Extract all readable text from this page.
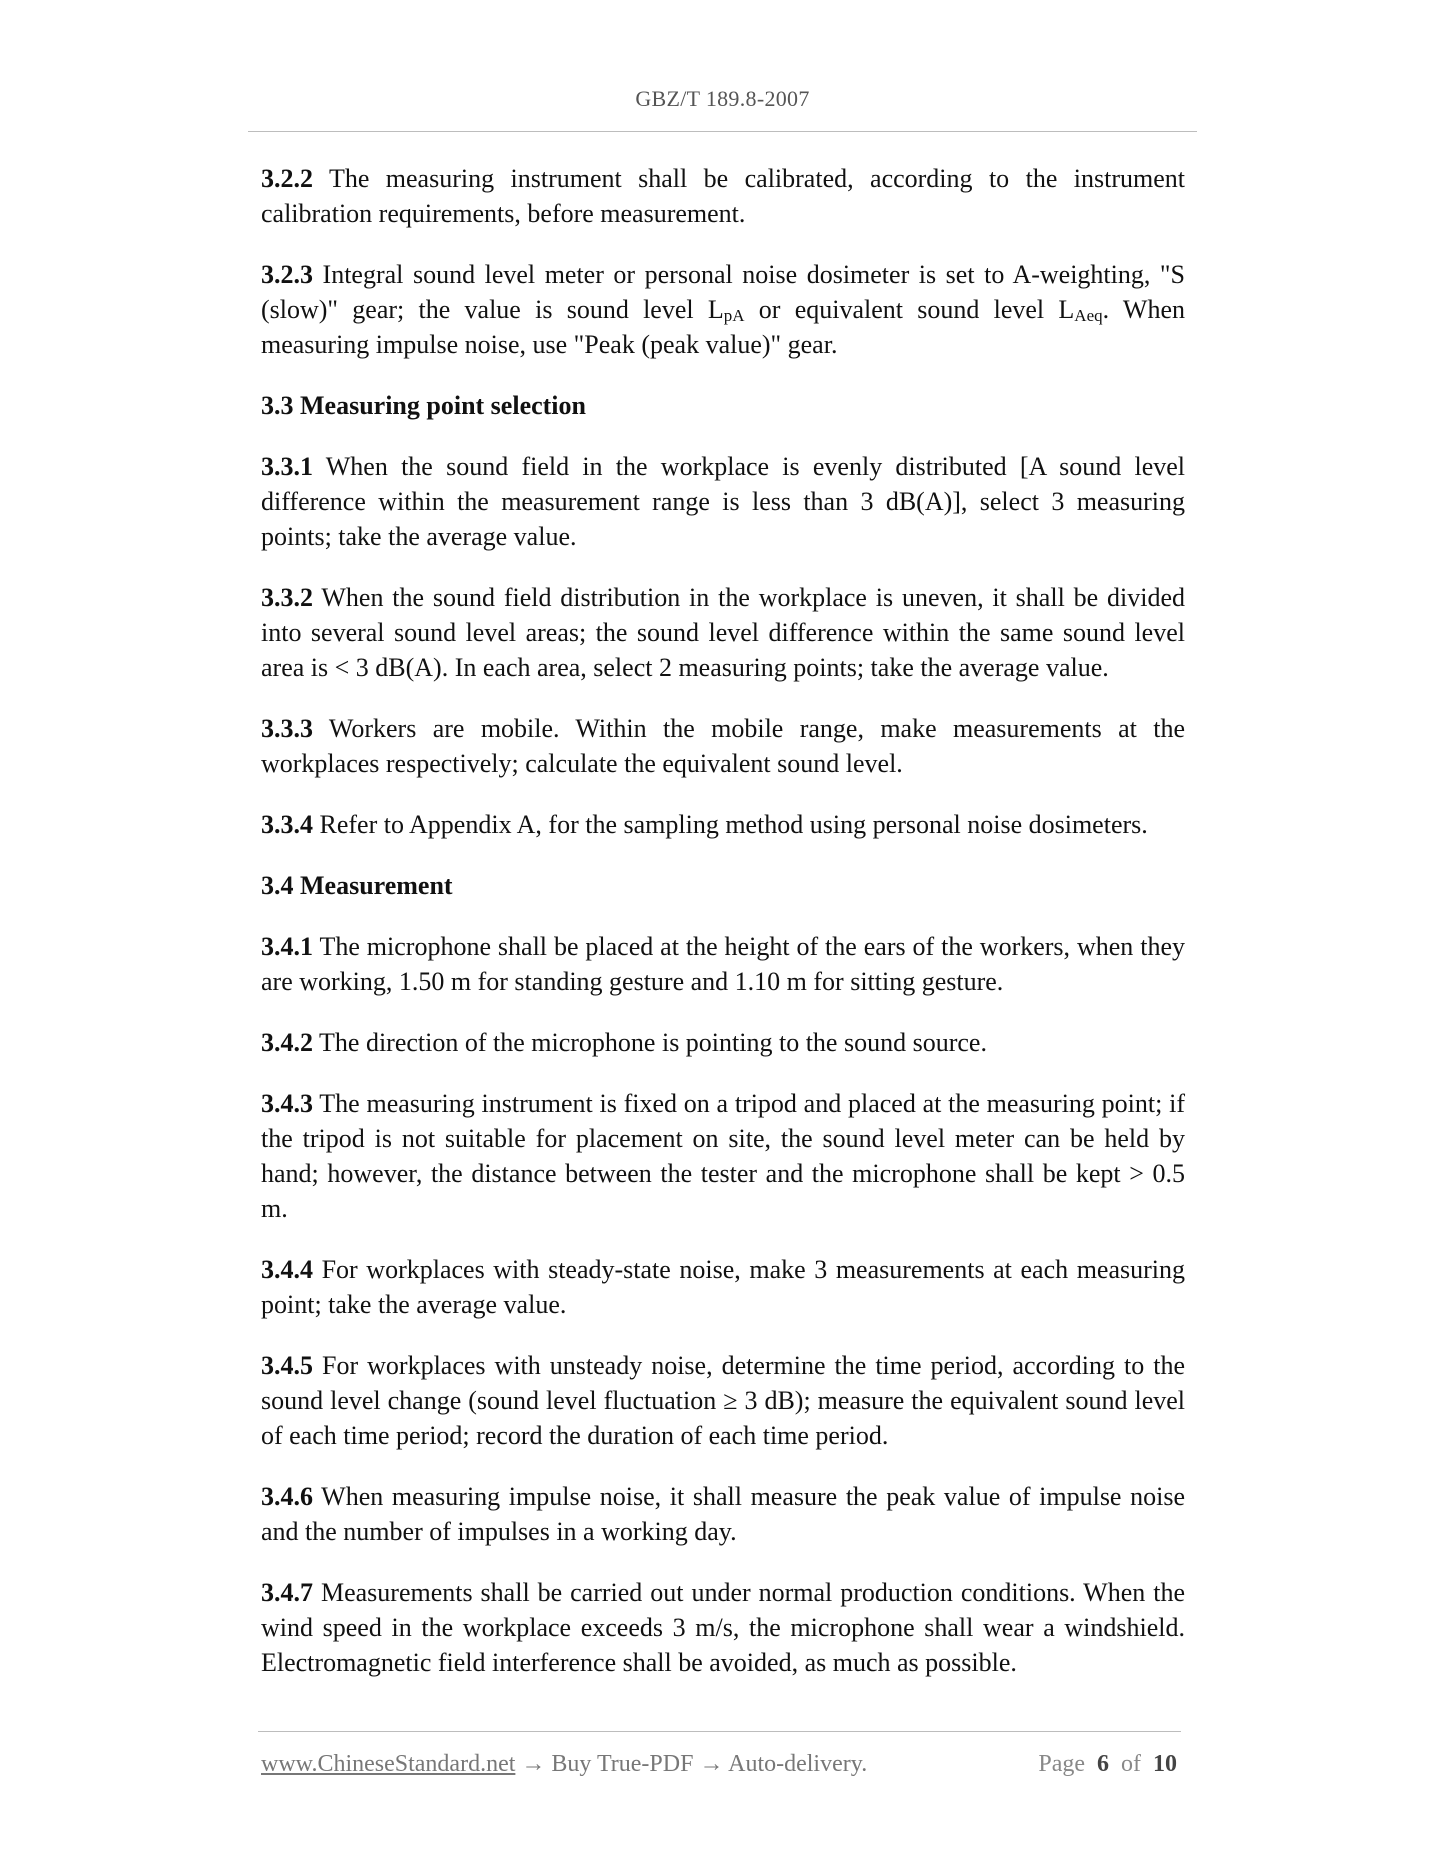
GBZ/T 189.8-2007

3.2.2 The measuring instrument shall be calibrated, according to the instrument calibration requirements, before measurement.

3.2.3 Integral sound level meter or personal noise dosimeter is set to A-weighting, "S (slow)" gear; the value is sound level $L_{pA}$ or equivalent sound level $L_{Aeq}$. When measuring impulse noise, use "Peak (peak value)" gear.

3.3 Measuring point selection

3.3.1 When the sound field in the workplace is evenly distributed [A sound level difference within the measurement range is less than 3 dB(A)], select 3 measuring points; take the average value.

3.3.2 When the sound field distribution in the workplace is uneven, it shall be divided into several sound level areas; the sound level difference within the same sound level area is < 3 dB(A). In each area, select 2 measuring points; take the average value.

3.3.3 Workers are mobile. Within the mobile range, make measurements at the workplaces respectively; calculate the equivalent sound level.

3.3.4 Refer to Appendix A, for the sampling method using personal noise dosimeters.

3.4 Measurement

3.4.1 The microphone shall be placed at the height of the ears of the workers, when they are working, 1.50 m for standing gesture and 1.10 m for sitting gesture.

3.4.2 The direction of the microphone is pointing to the sound source.

3.4.3 The measuring instrument is fixed on a tripod and placed at the measuring point; if the tripod is not suitable for placement on site, the sound level meter can be held by hand; however, the distance between the tester and the microphone shall be kept > 0.5 m.

3.4.4 For workplaces with steady-state noise, make 3 measurements at each measuring point; take the average value.

3.4.5 For workplaces with unsteady noise, determine the time period, according to the sound level change (sound level fluctuation ≥ 3 dB); measure the equivalent sound level of each time period; record the duration of each time period.

3.4.6 When measuring impulse noise, it shall measure the peak value of impulse noise and the number of impulses in a working day.

3.4.7 Measurements shall be carried out under normal production conditions. When the wind speed in the workplace exceeds 3 m/s, the microphone shall wear a windshield. Electromagnetic field interference shall be avoided, as much as possible.

www.ChineseStandard.net → Buy True-PDF → Auto-delivery.	Page 6 of 10
